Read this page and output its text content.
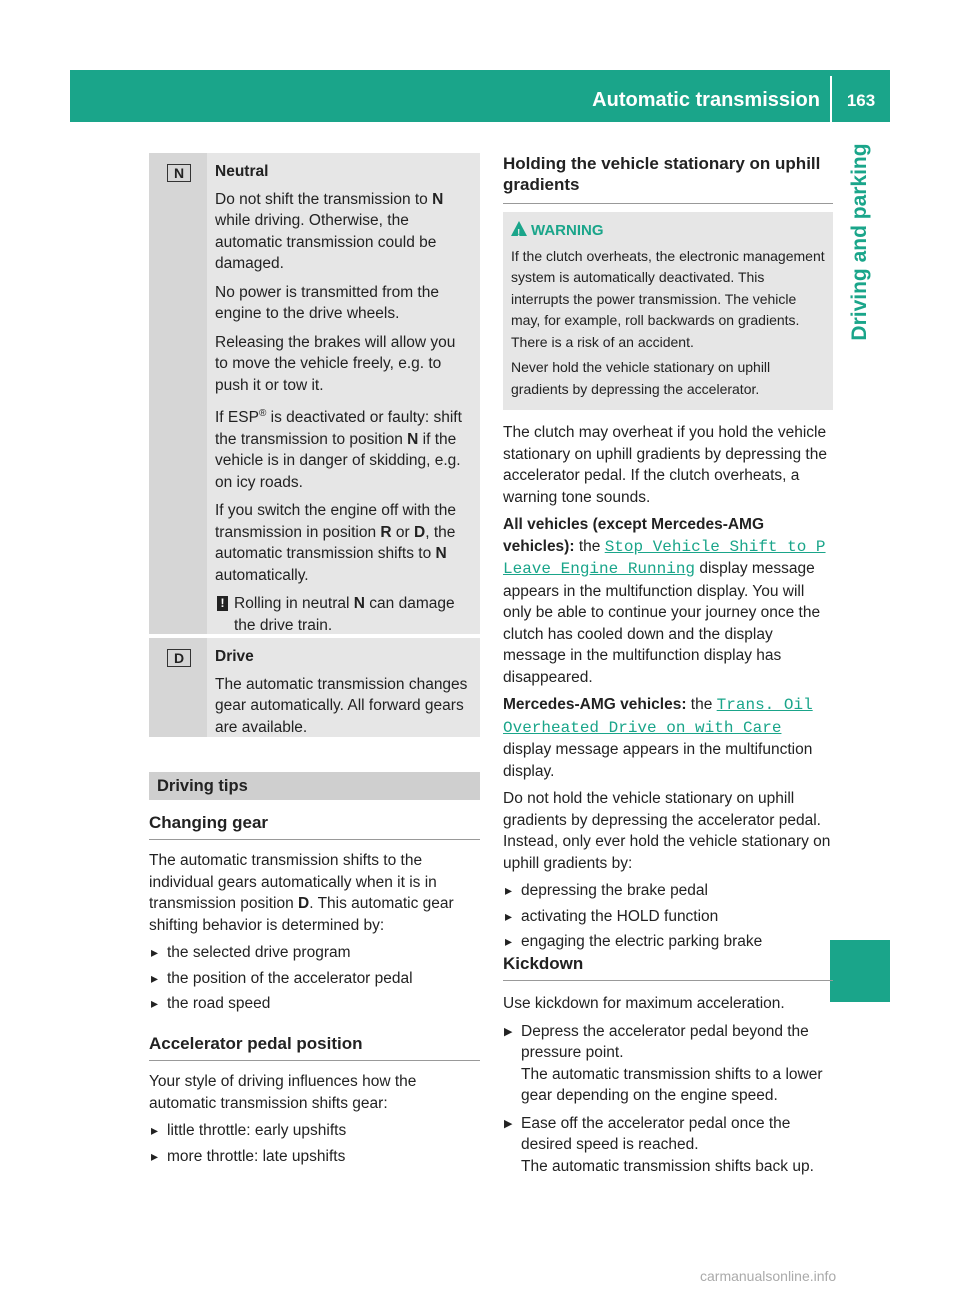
Automatic transmission	163
Driving and parking
N	Neutral

Do not shift the transmission to N while driving. Otherwise, the automatic transmission could be damaged.

No power is transmitted from the engine to the drive wheels.

Releasing the brakes will allow you to move the vehicle freely, e.g. to push it or tow it.

If ESP® is deactivated or faulty: shift the transmission to position N if the vehicle is in danger of skidding, e.g. on icy roads.

If you switch the engine off with the transmission in position R or D, the automatic transmission shifts to N automatically.

! Rolling in neutral N can damage the drive train.
D	Drive

The automatic transmission changes gear automatically. All forward gears are available.

Driving tips
Changing gear

The automatic transmission shifts to the individual gears automatically when it is in transmission position D. This automatic gear shifting behavior is determined by:

▸ the selected drive program
▸ the position of the accelerator pedal
▸ the road speed
Accelerator pedal position

Your style of driving influences how the automatic transmission shifts gear:

▸ little throttle: early upshifts
▸ more throttle: late upshifts
Holding the vehicle stationary on uphill gradients

!
WARNING

If the clutch overheats, the electronic management system is automatically deactivated. This interrupts the power transmission. The vehicle may, for example, roll backwards on gradients. There is a risk of an accident.

Never hold the vehicle stationary on uphill gradients by depressing the accelerator.

The clutch may overheat if you hold the vehicle stationary on uphill gradients by depressing the accelerator pedal. If the clutch overheats, a warning tone sounds.

All vehicles (except Mercedes-AMG vehicles): the Stop Vehicle Shift to P Leave Engine Running display message appears in the multifunction display. You will only be able to continue your journey once the clutch has cooled down and the display message in the multifunction display has disappeared.

Mercedes-AMG vehicles: the Trans. Oil Overheated Drive on with Care display message appears in the multifunction display.

Do not hold the vehicle stationary on uphill gradients by depressing the accelerator pedal. Instead, only ever hold the vehicle stationary on uphill gradients by:

▸ depressing the brake pedal
▸ activating the HOLD function
▸ engaging the electric parking brake
Kickdown

Use kickdown for maximum acceleration.

▶ Depress the accelerator pedal beyond the pressure point.
The automatic transmission shifts to a lower gear depending on the engine speed.
▶ Ease off the accelerator pedal once the desired speed is reached.
The automatic transmission shifts back up.
carmanualsonline.info
